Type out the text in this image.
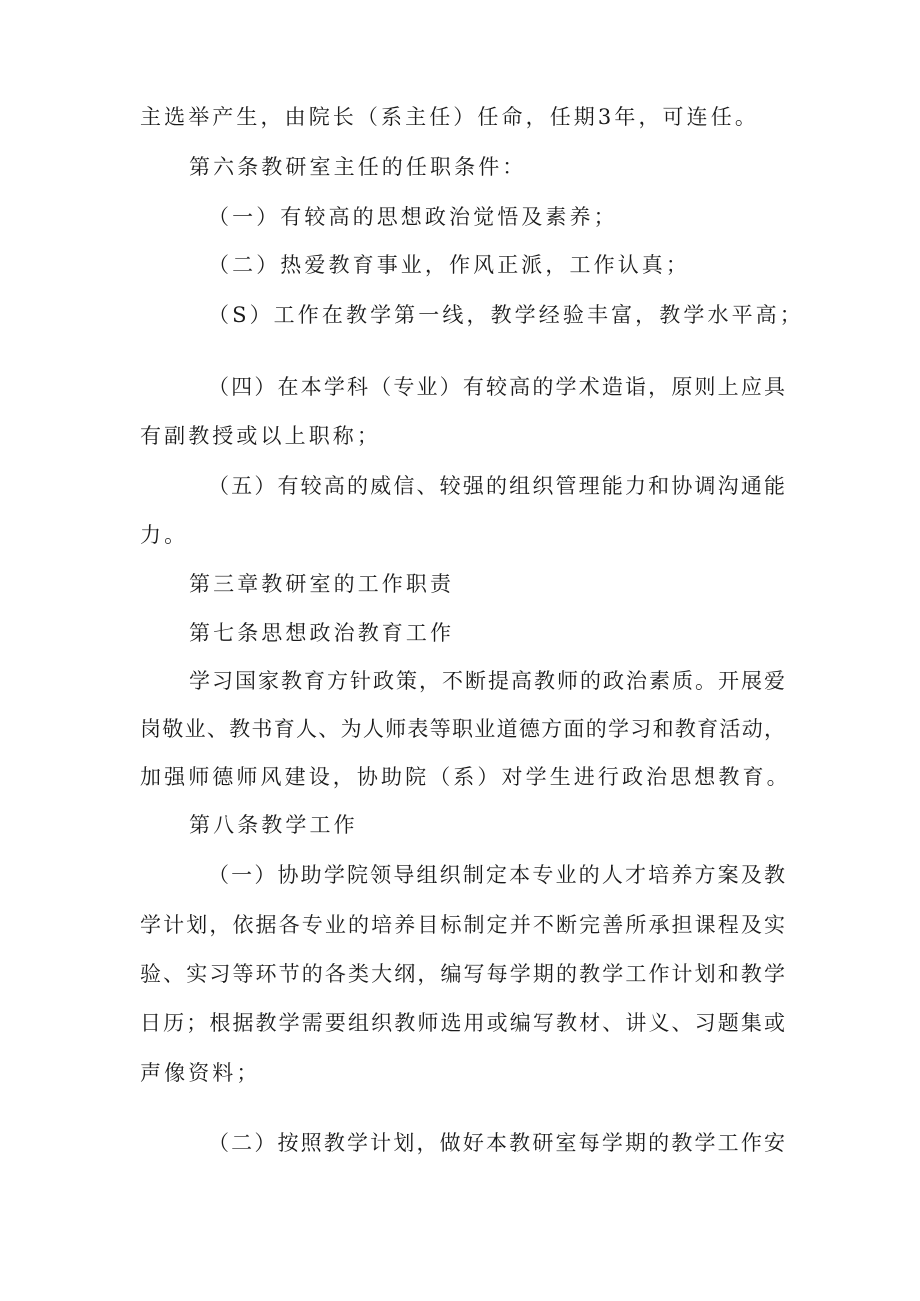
主选举产生，由院长（系主任）任命，任期3年，可连任。
第六条教研室主任的任职条件：
（一）有较高的思想政治觉悟及素养；
（二）热爱教育事业，作风正派，工作认真；
（S）工作在教学第一线，教学经验丰富，教学水平高；
（四）在本学科（专业）有较高的学术造诣，原则上应具
有副教授或以上职称；
（五）有较高的威信、较强的组织管理能力和协调沟通能
力。
第三章教研室的工作职责
第七条思想政治教育工作
学习国家教育方针政策，不断提高教师的政治素质。开展爱
岗敬业、教书育人、为人师表等职业道德方面的学习和教育活动，
加强师德师风建设，协助院（系）对学生进行政治思想教育。
第八条教学工作
（一）协助学院领导组织制定本专业的人才培养方案及教
学计划，依据各专业的培养目标制定并不断完善所承担课程及实
验、实习等环节的各类大纲，编写每学期的教学工作计划和教学
日历；根据教学需要组织教师选用或编写教材、讲义、习题集或
声像资料；
（二）按照教学计划，做好本教研室每学期的教学工作安
